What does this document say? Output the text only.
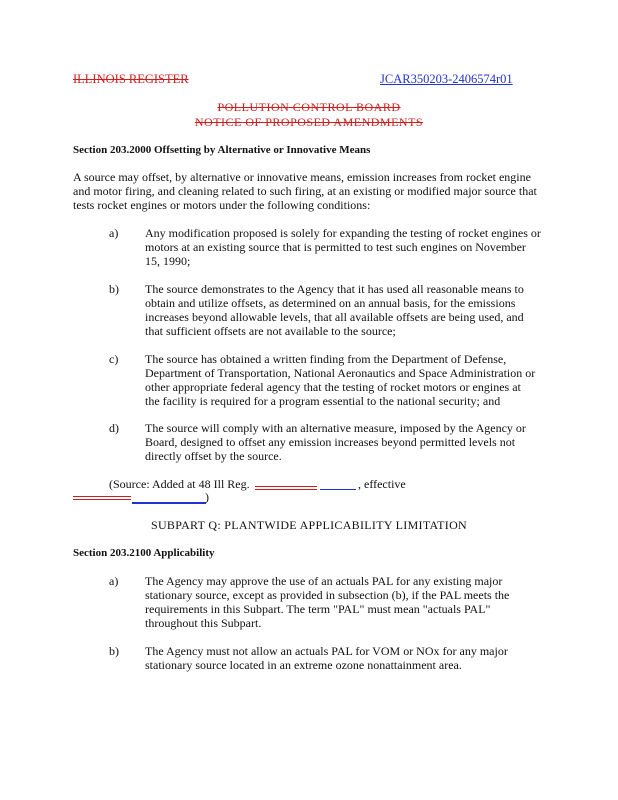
ILLINOIS REGISTER	JCAR350203-2406574r01
POLLUTION CONTROL BOARD
NOTICE OF PROPOSED AMENDMENTS
Section 203.2000 Offsetting by Alternative or Innovative Means
A source may offset, by alternative or innovative means, emission increases from rocket engine
and motor firing, and cleaning related to such firing, at an existing or modified major source that
tests rocket engines or motors under the following conditions:
a) Any modification proposed is solely for expanding the testing of rocket engines or
motors at an existing source that is permitted to test such engines on November
15, 1990;
b) The source demonstrates to the Agency that it has used all reasonable means to
obtain and utilize offsets, as determined on an annual basis, for the emissions
increases beyond allowable levels, that all available offsets are being used, and
that sufficient offsets are not available to the source;
c) The source has obtained a written finding from the Department of Defense,
Department of Transportation, National Aeronautics and Space Administration or
other appropriate federal agency that the testing of rocket motors or engines at
the facility is required for a program essential to the national security; and
d) The source will comply with an alternative measure, imposed by the Agency or
Board, designed to offset any emission increases beyond permitted levels not
directly offset by the source.
(Source: Added at 48 Ill Reg.	, effective
)
SUBPART Q: PLANTWIDE APPLICABILITY LIMITATION
Section 203.2100 Applicability
a) The Agency may approve the use of an actuals PAL for any existing major
stationary source, except as provided in subsection (b), if the PAL meets the
requirements in this Subpart. The term "PAL" must mean "actuals PAL"
throughout this Subpart.
b) The Agency must not allow an actuals PAL for VOM or NOx for any major
stationary source located in an extreme ozone nonattainment area.
